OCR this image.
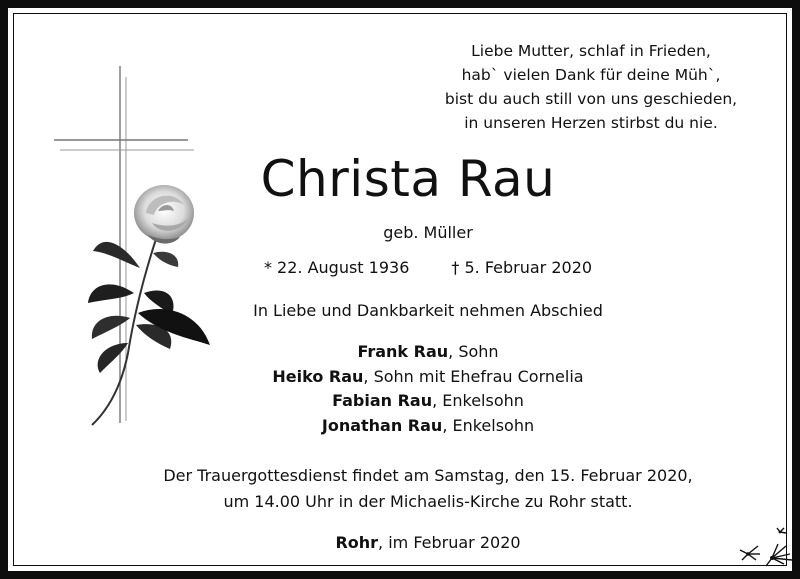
Liebe Mutter, schlaf in Frieden,
hab` vielen Dank für deine Müh`,
bist du auch still von uns geschieden,
in unseren Herzen stirbst du nie.
Christa Rau
geb. Müller
* 22. August 1936	† 5. Februar 2020
In Liebe und Dankbarkeit nehmen Abschied
Frank Rau, Sohn
Heiko Rau, Sohn mit Ehefrau Cornelia
Fabian Rau, Enkelsohn
Jonathan Rau, Enkelsohn
Der Trauergottesdienst findet am Samstag, den 15. Februar 2020,
um 14.00 Uhr in der Michaelis-Kirche zu Rohr statt.
Rohr, im Februar 2020
